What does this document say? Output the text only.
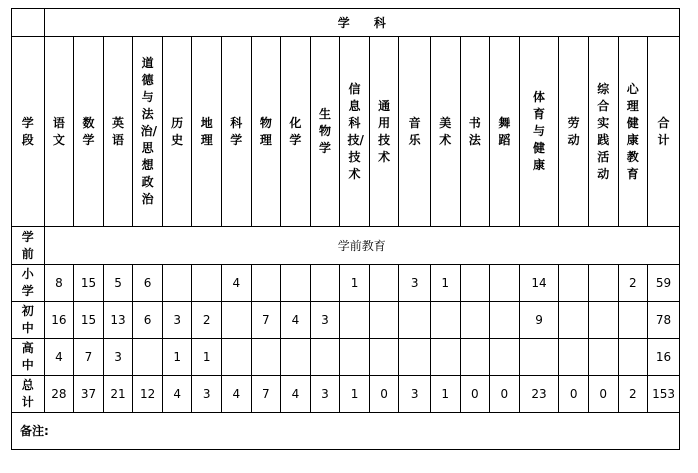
	学 科																				
学段	语文	数学	英语	道德与法治/思想政治	历史	地理	科学	物理	化学	生物学	信息科技/技术	通用技术	音乐	美术	书法	舞蹈	体育与健康	劳动	综合实践活动	心理健康教育	合计
学前	学前教育																				
小学	8	15	5	6			4				1		3	1			14			2	59
初中	16	15	13	6	3	2		7	4	3							9				78
高中	4	7	3		1	1															16
总计	28	37	21	12	4	3	4	7	4	3	1	0	3	1	0	0	23	0	0	2	153
备注:																					
